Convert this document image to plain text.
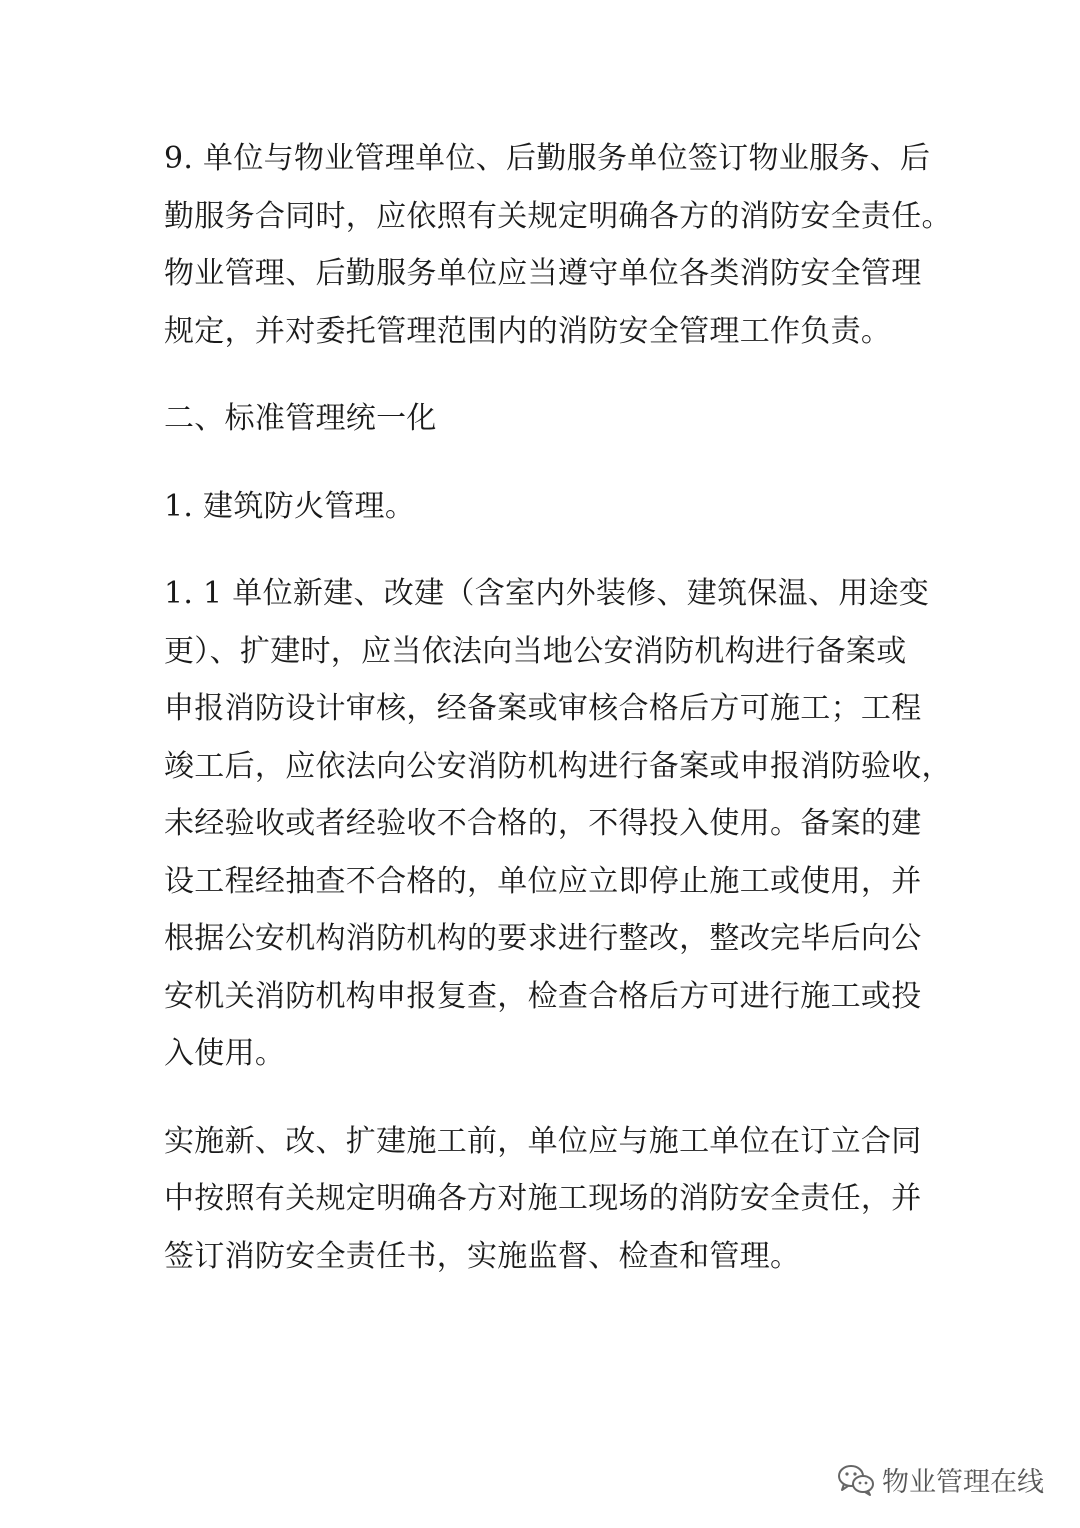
9. 单位与物业管理单位、后勤服务单位签订物业服务、后
勤服务合同时，应依照有关规定明确各方的消防安全责任。
物业管理、后勤服务单位应当遵守单位各类消防安全管理
规定，并对委托管理范围内的消防安全管理工作负责。
二、标准管理统一化
1. 建筑防火管理。
1. 1 单位新建、改建（含室内外装修、建筑保温、用途变
更）、扩建时，应当依法向当地公安消防机构进行备案或
申报消防设计审核，经备案或审核合格后方可施工；工程
竣工后，应依法向公安消防机构进行备案或申报消防验收，
未经验收或者经验收不合格的，不得投入使用。备案的建
设工程经抽查不合格的，单位应立即停止施工或使用，并
根据公安机构消防机构的要求进行整改，整改完毕后向公
安机关消防机构申报复查，检查合格后方可进行施工或投
入使用。
实施新、改、扩建施工前，单位应与施工单位在订立合同
中按照有关规定明确各方对施工现场的消防安全责任，并
签订消防安全责任书，实施监督、检查和管理。
物业管理在线
